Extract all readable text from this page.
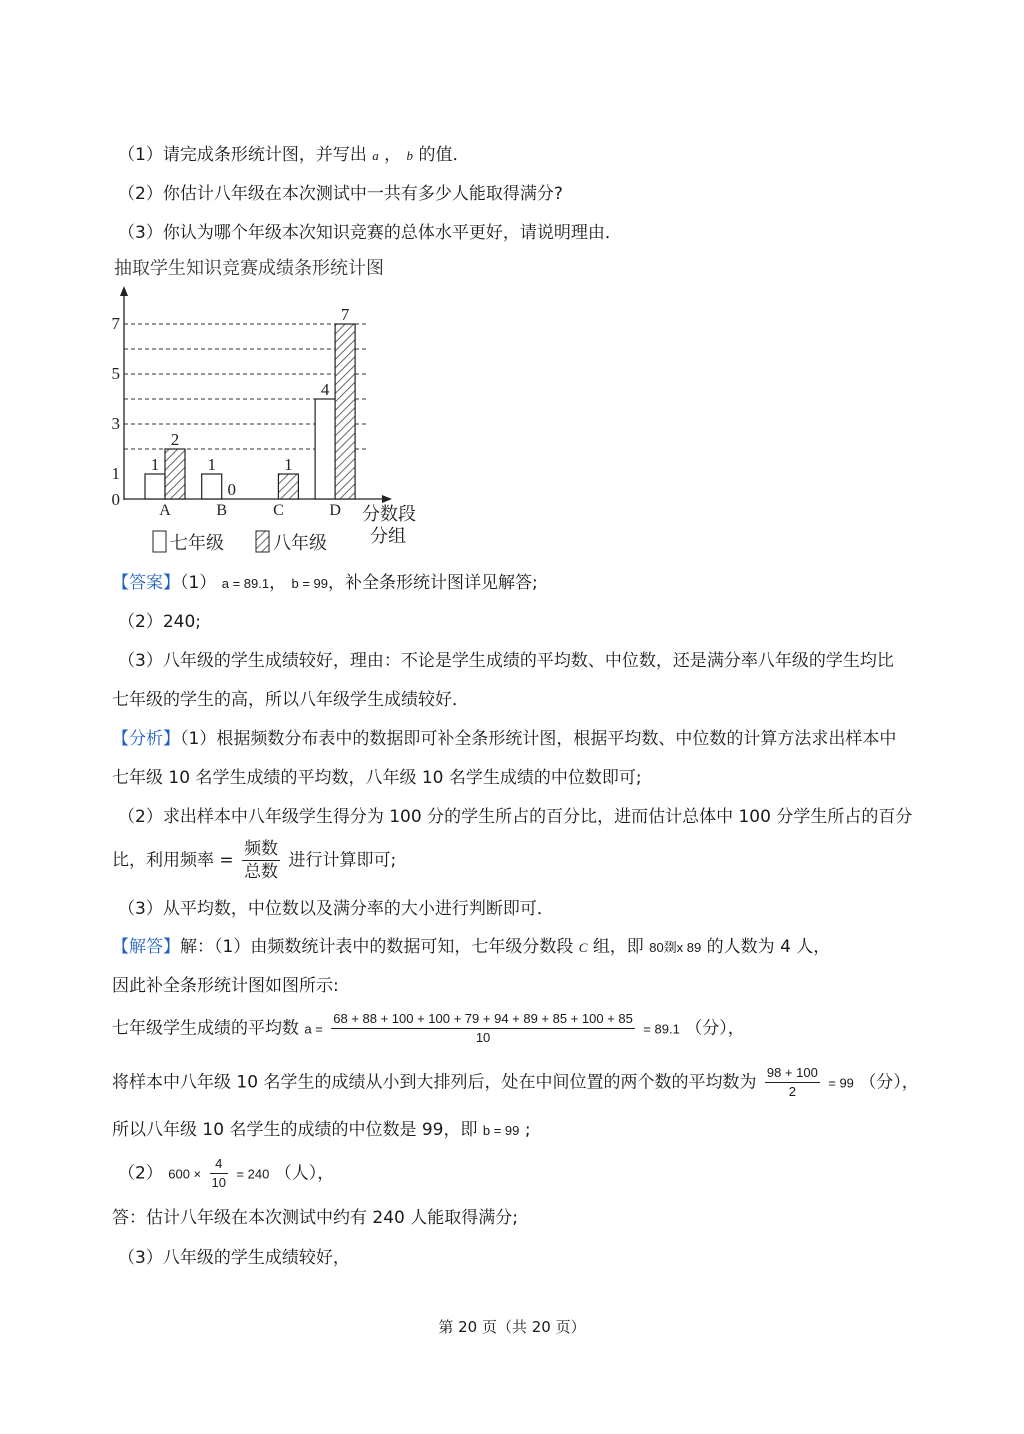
（1）请完成条形统计图，并写出 a ， b 的值．
（2）你估计八年级在本次测试中一共有多少人能取得满分?
（3）你认为哪个年级本次知识竞赛的总体水平更好，请说明理由．
抽取学生知识竞赛成绩条形统计图
0
1
3
5
7
1
2
1
0
1
4
7
A	B	C	D 分数段
分组
七年级	八年级
【答案】（1） a = 89.1， b = 99，补全条形统计图详见解答;
（2）240;
（3）八年级的学生成绩较好，理由：不论是学生成绩的平均数、中位数，还是满分率八年级的学生均比
七年级的学生的高，所以八年级学生成绩较好．
【分析】（1）根据频数分布表中的数据即可补全条形统计图，根据平均数、中位数的计算方法求出样本中
七年级 10 名学生成绩的平均数，八年级 10 名学生成绩的中位数即可;
（2）求出样本中八年级学生得分为 100 分的学生所占的百分比，进而估计总体中 100 分学生所占的百分
比，利用频率 = $\frac{\text{频数}}{\text{总数}}$ 进行计算即可;
（3）从平均数，中位数以及满分率的大小进行判断即可．
【解答】解：（1）由频数统计表中的数据可知，七年级分数段 C 组，即 80剟x 89 的人数为 4 人，
因此补全条形统计图如图所示:
七年级学生成绩的平均数 $a = \frac{68 + 88 + 100 + 100 + 79 + 94 + 89 + 85 + 100 + 85}{10} = 89.1$ （分），
将样本中八年级 10 名学生的成绩从小到大排列后，处在中间位置的两个数的平均数为 $\frac{98 + 100}{2} = 99$ （分），
所以八年级 10 名学生的成绩的中位数是 99，即 b = 99 ;
（2） $600 \times \frac{4}{10} = 240$ （人），
答：估计八年级在本次测试中约有 240 人能取得满分;
（3）八年级的学生成绩较好，
第 20 页（共 20 页）
